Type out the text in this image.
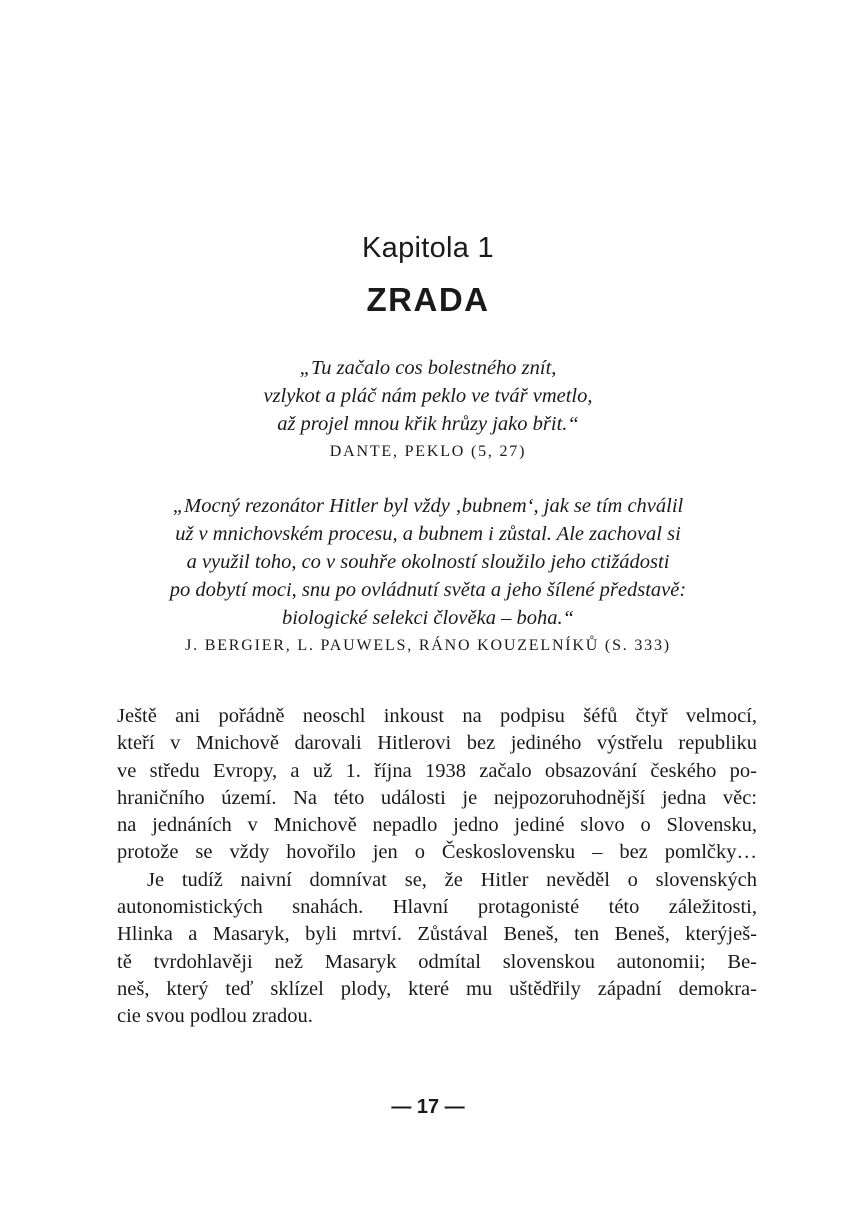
Kapitola 1
ZRADA
„Tu začalo cos bolestného znít,
vzlykot a pláč nám peklo ve tvář vmetlo,
až projel mnou křik hrůzy jako břit.“
DANTE, PEKLO (5, 27)
„Mocný rezonátor Hitler byl vždy ‚bubnem‘, jak se tím chválil
už v mnichovském procesu, a bubnem i zůstal. Ale zachoval si
a využil toho, co v souhře okolností sloužilo jeho ctižádosti
po dobytí moci, snu po ovládnutí světa a jeho šílené představě:
biologické selekci člověka – boha.“
J. BERGIER, L. PAUWELS, RÁNO KOUZELNÍKŮ (S. 333)
Ještě ani pořádně neoschl inkoust na podpisu šéfů čtyř velmocí,
kteří v Mnichově darovali Hitlerovi bez jediného výstřelu republiku
ve středu Evropy, a už 1. října 1938 začalo obsazování českého po-
hraničního území. Na této události je nejpozoruhodnější jedna věc:
na jednáních v Mnichově nepadlo jedno jediné slovo o Slovensku,
protože se vždy hovořilo jen o Československu – bez pomlčky…
Je tudíž naivní domnívat se, že Hitler nevěděl o slovenských
autonomistických snahách. Hlavní protagonisté této záležitosti,
Hlinka a Masaryk, byli mrtví. Zůstával Beneš, ten Beneš, kterýješ-
tě tvrdohlavěji než Masaryk odmítal slovenskou autonomii; Be-
neš, který teď sklízel plody, které mu uštědřily západní demokra-
cie svou podlou zradou.
— 17 —
